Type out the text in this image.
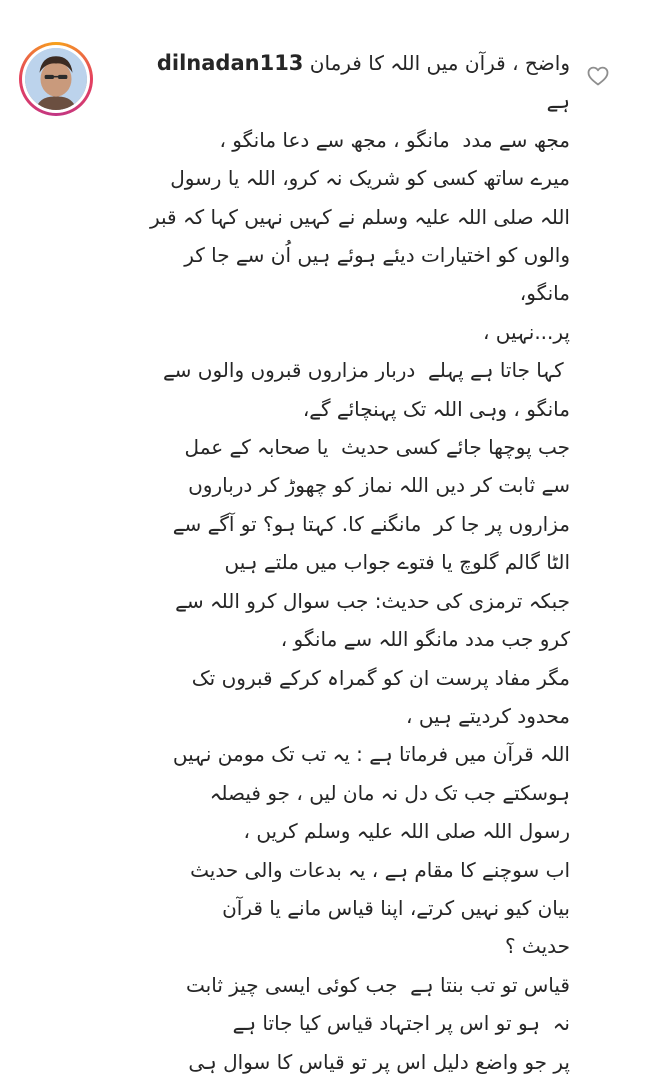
واضح ، قرآن میں اللہ کا فرمان dilnadan113
ہے
مجھ سے مدد  مانگو ، مجھ سے دعا مانگو ،
میرے ساتھ کسی کو شریک نہ کرو، اللہ یا رسول
اللہ صلی اللہ علیہ وسلم نے کہیں نہیں کہا کہ قبر
والوں کو اختیارات دیئے ہوئے ہیں اُن سے جا کر
مانگو،
پر...نہیں ،
کہا جاتا ہے پہلے  دربار مزاروں قبروں والوں سے
مانگو ، وہی اللہ تک پہنچائے گے،
جب پوچھا جائے کسی حدیث  یا صحابہ کے عمل
سے ثابت کر دیں اللہ نماز کو چھوڑ کر درباروں
مزاروں پر جا کر  مانگنے کا. کہتا ہو؟ تو آگے سے
الٹا گالم گلوچ یا فتوے جواب میں ملتے ہیں
جبکہ ترمزی کی حدیث: جب سوال کرو اللہ سے
کرو جب مدد مانگو اللہ سے مانگو ،
مگر مفاد پرست ان کو گمراہ کرکے قبروں تک
محدود کردیتے ہیں ،
اللہ قرآن میں فرماتا ہے : یہ تب تک مومن نہیں
ہوسکتے جب تک دل نہ مان لیں ، جو فیصلہ
رسول اللہ صلی اللہ علیہ وسلم کریں ،
اب سوچنے کا مقام ہے ، یہ بدعات والی حدیث
بیان کیو نہیں کرتے، اپنا قیاس مانے یا قرآن
حدیث ؟
قیاس تو تب بنتا ہے  جب کوئی ایسی چیز ثابت
نہ  ہو تو اس پر اجتہاد قیاس کیا جاتا ہے
پر جو واضع دلیل اس پر تو قیاس کا سوال ہی
